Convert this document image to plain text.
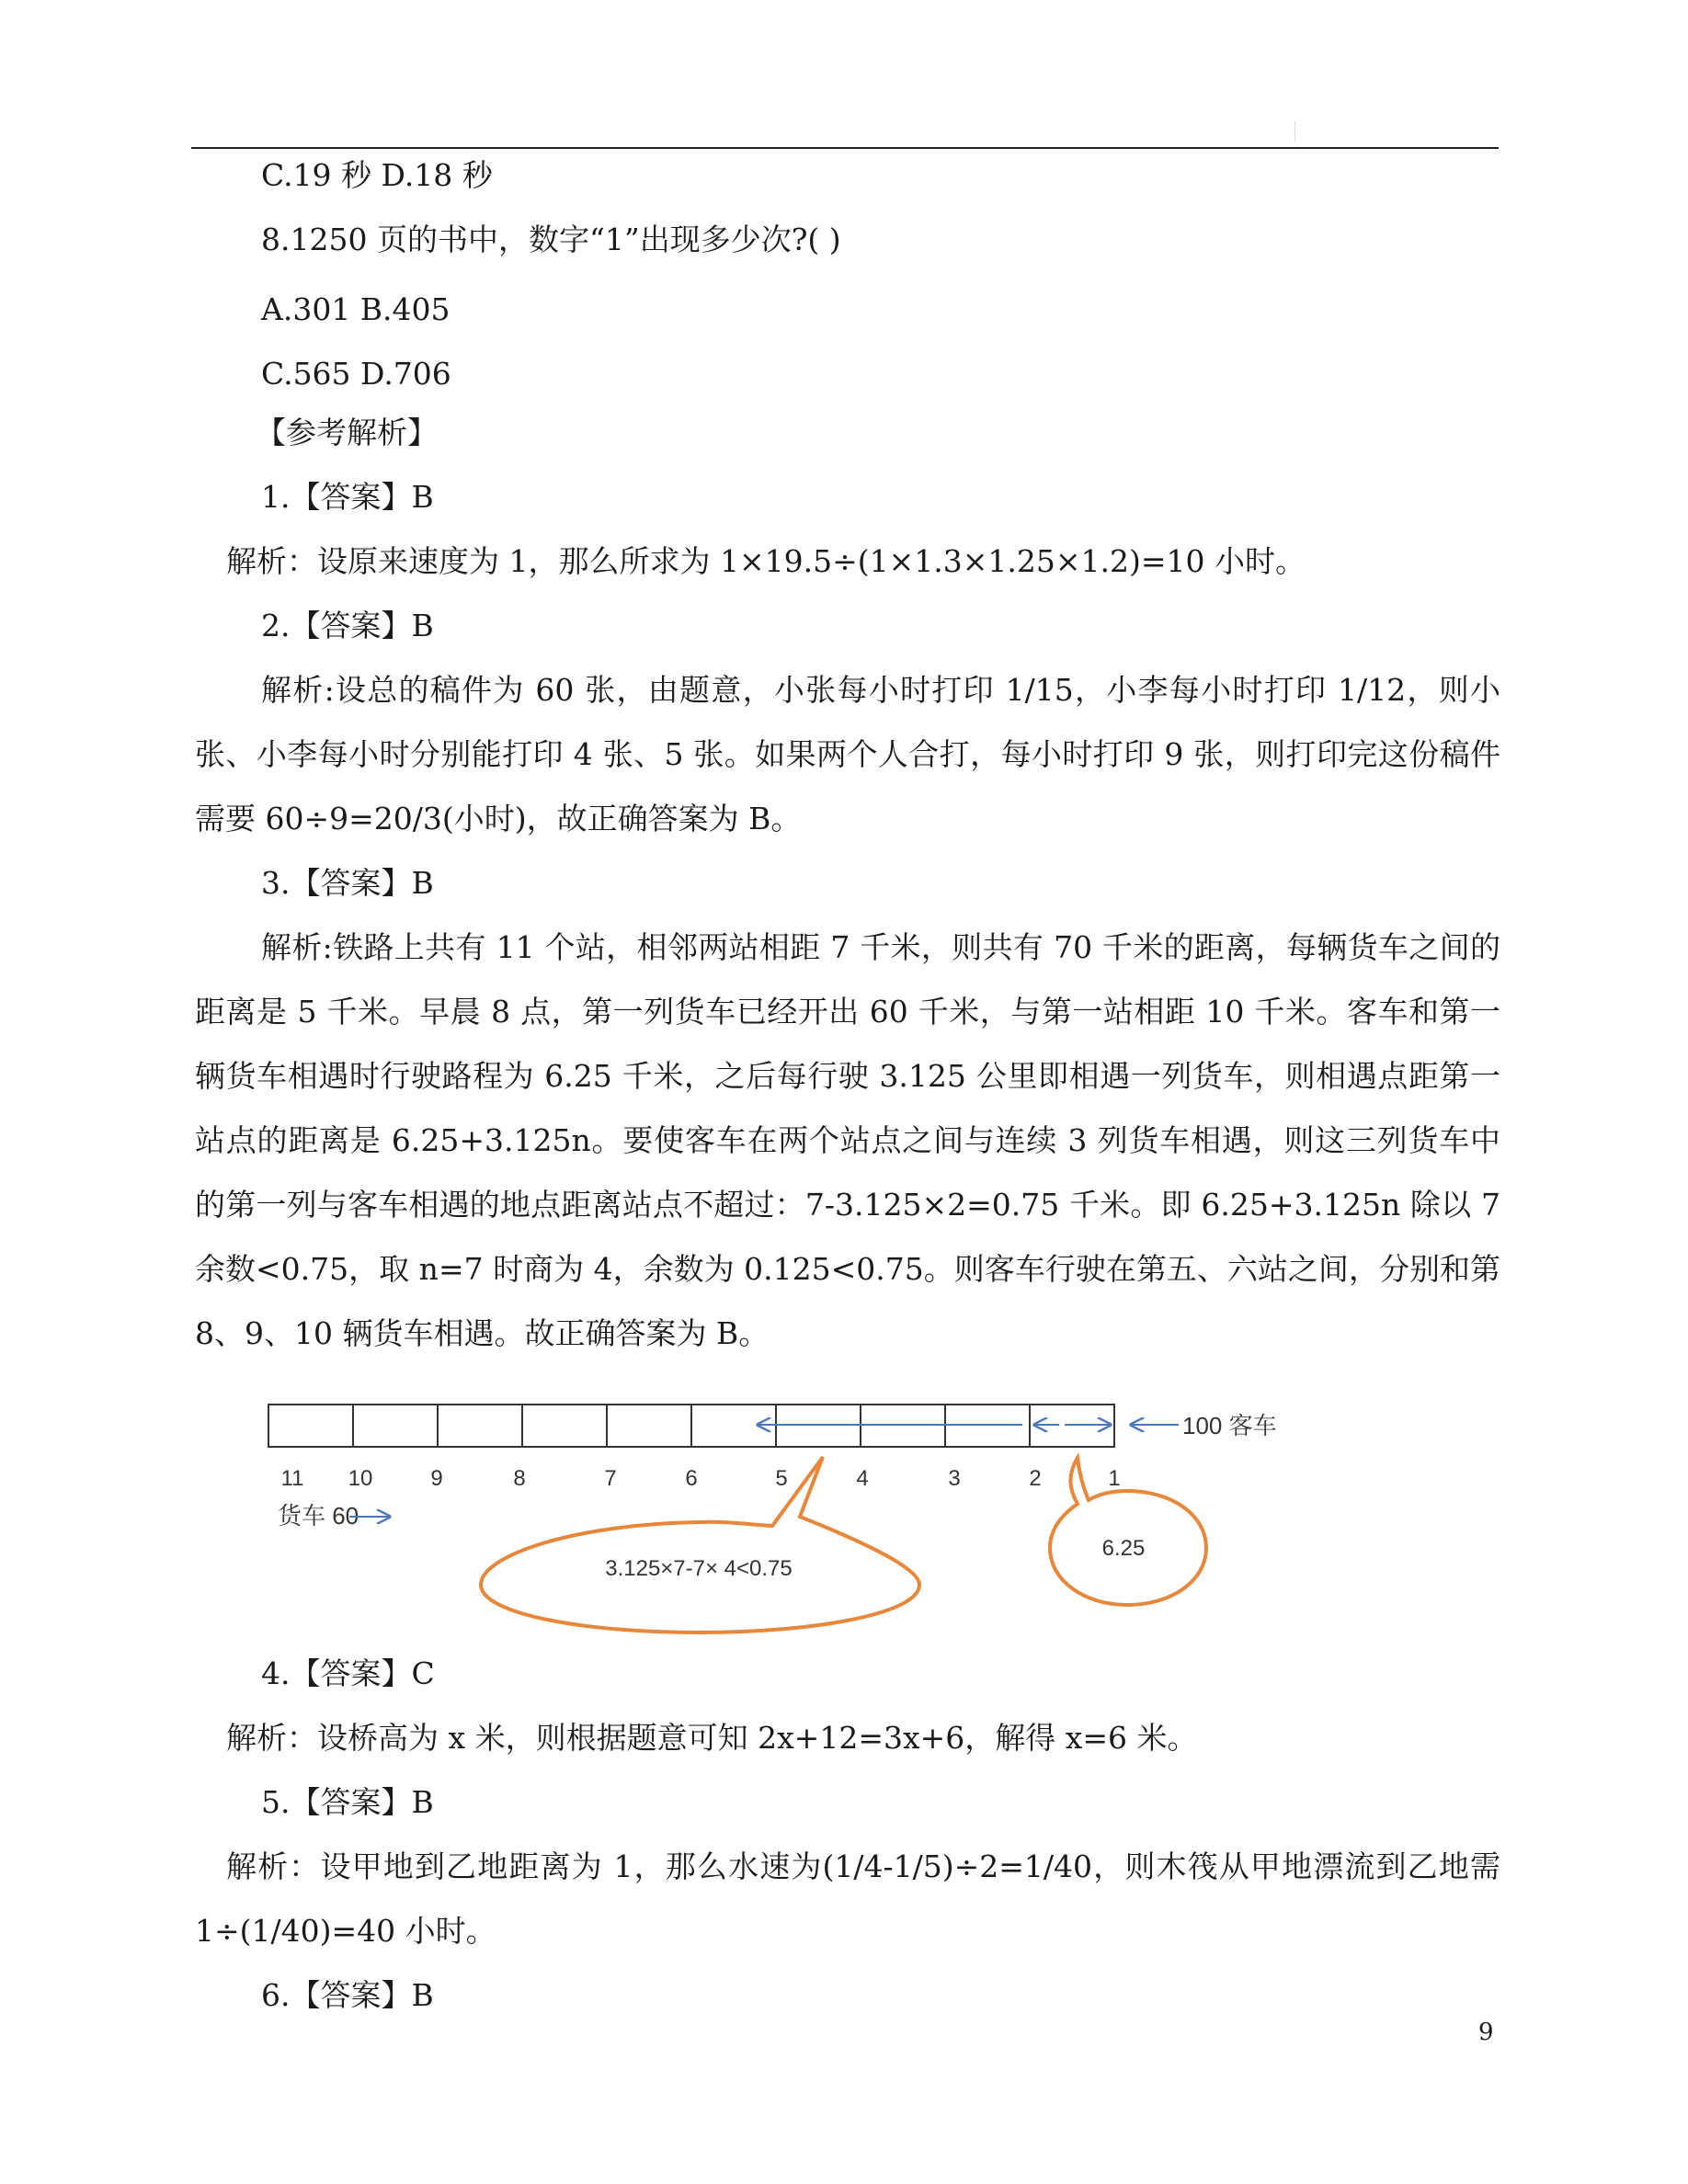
C.19 秒 D.18 秒
8.1250 页的书中，数字“1”出现多少次?( )
A.301 B.405
C.565 D.706
【参考解析】
1.【答案】B
解析：设原来速度为 1，那么所求为 1×19.5÷(1×1.3×1.25×1.2)=10 小时。
2.【答案】B

解析:设总的稿件为 60 张，由题意，小张每小时打印 1/15，小李每小时打印 1/12，则小张、小李每小时分别能打印 4 张、5 张。如果两个人合打，每小时打印 9 张，则打印完这份稿件需要 60÷9=20/3(小时)，故正确答案为 B。

3.【答案】B

解析:铁路上共有 11 个站，相邻两站相距 7 千米，则共有 70 千米的距离，每辆货车之间的距离是 5 千米。早晨 8 点，第一列货车已经开出 60 千米，与第一站相距 10 千米。客车和第一辆货车相遇时行驶路程为 6.25 千米，之后每行驶 3.125 公里即相遇一列货车，则相遇点距第一站点的距离是 6.25+3.125n。要使客车在两个站点之间与连续 3 列货车相遇，则这三列货车中的第一列与客车相遇的地点距离站点不超过：7-3.125×2=0.75 千米。即 6.25+3.125n 除以 7 余数<0.75，取 n=7 时商为 4，余数为 0.125<0.75。则客车行驶在第五、六站之间，分别和第 8、9、10 辆货车相遇。故正确答案为 B。

100 客车
11 10	9	8	7	6	5	4	3	2	1
货车 60
3.125×7-7× 4<0.75
6.25
4.【答案】C
解析：设桥高为 x 米，则根据题意可知 2x+12=3x+6，解得 x=6 米。
5.【答案】B

解析：设甲地到乙地距离为 1，那么水速为(1/4-1/5)÷2=1/40，则木筏从甲地漂流到乙地需 1÷(1/40)=40 小时。

6.【答案】B
9
